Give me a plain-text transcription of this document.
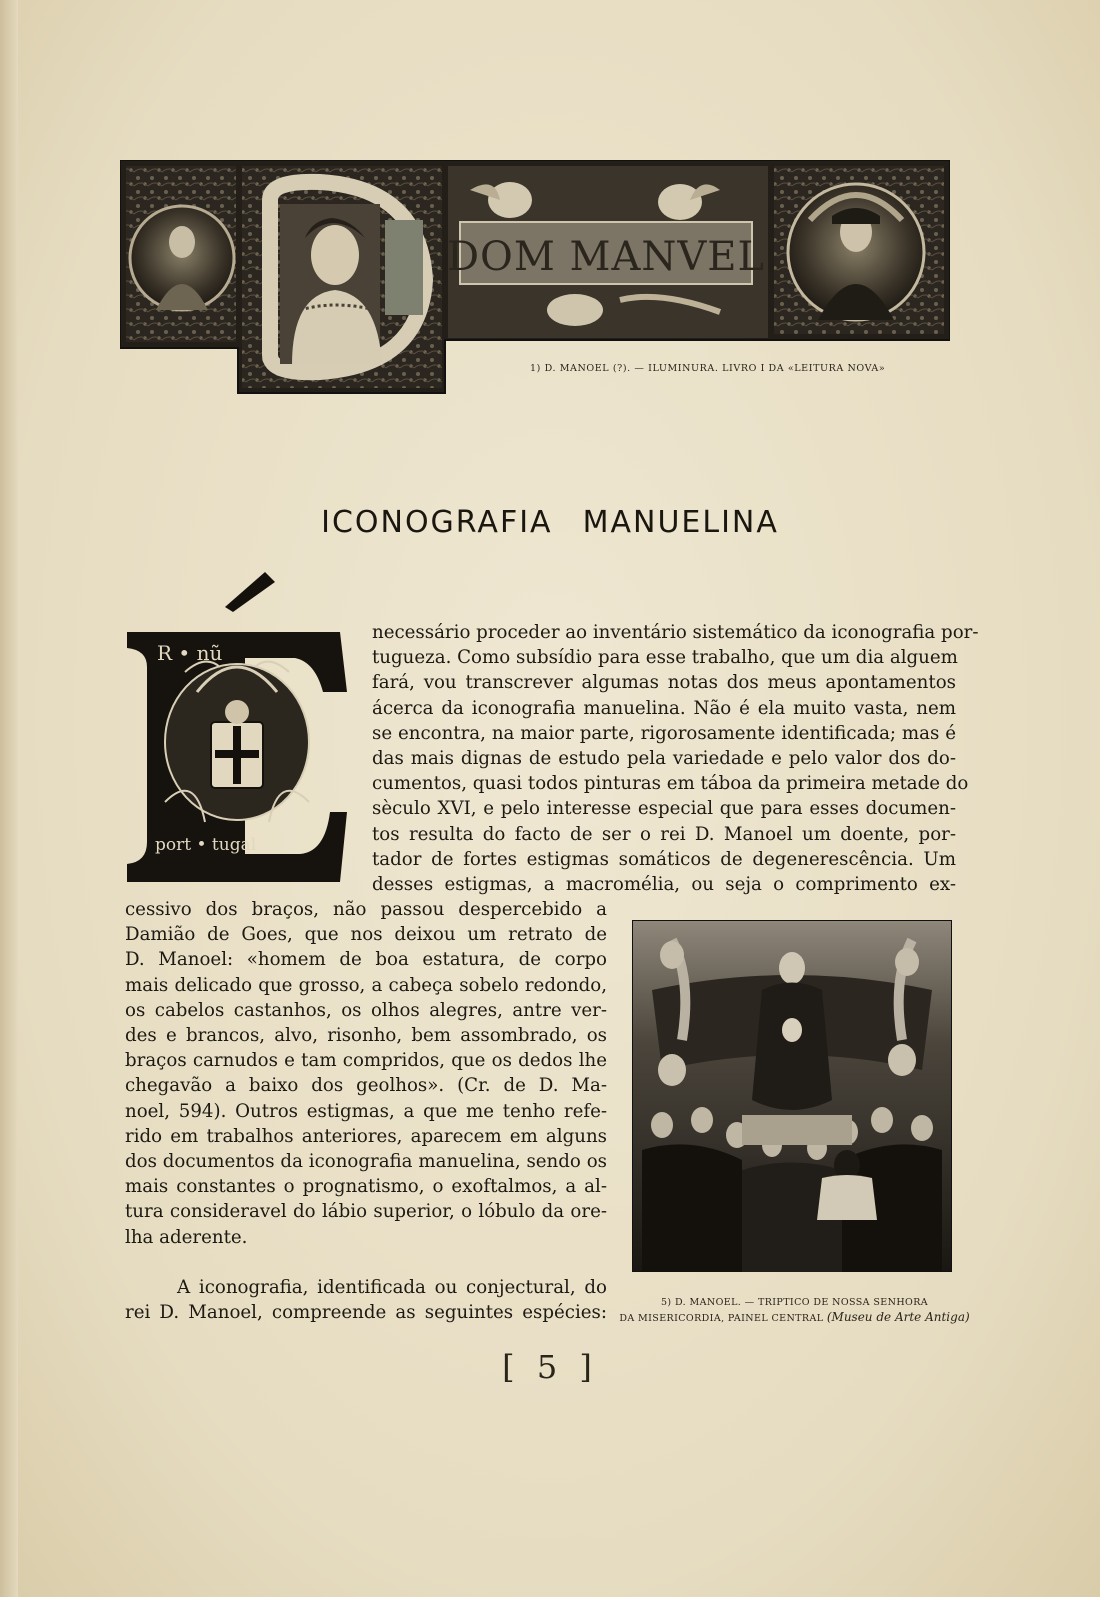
DOM MANVEL
1) D. MANOEL (?). — ILUMINURA. LIVRO I DA «LEITURA NOVA»
ICONOGRAFIA MANUELINA
R • nũ
port • tugal
necessário proceder ao inventário sistemático da iconografia por-
tugueza. Como subsídio para esse trabalho, que um dia alguem
fará, vou transcrever algumas notas dos meus apontamentos
ácerca da iconografia manuelina. Não é ela muito vasta, nem
se encontra, na maior parte, rigorosamente identificada; mas é
das mais dignas de estudo pela variedade e pelo valor dos do-
cumentos, quasi todos pinturas em táboa da primeira metade do
sèculo XVI, e pelo interesse especial que para esses documen-
tos resulta do facto de ser o rei D. Manoel um doente, por-
tador de fortes estigmas somáticos de degenerescência. Um
desses estigmas, a macromélia, ou seja o comprimento ex-
cessivo dos braços, não passou despercebido a
Damião de Goes, que nos deixou um retrato de
D. Manoel: «homem de boa estatura, de corpo
mais delicado que grosso, a cabeça sobelo redondo,
os cabelos castanhos, os olhos alegres, antre ver-
des e brancos, alvo, risonho, bem assombrado, os
braços carnudos e tam compridos, que os dedos lhe
chegavão a baixo dos geolhos». (Cr. de D. Ma-
noel, 594). Outros estigmas, a que me tenho refe-
rido em trabalhos anteriores, aparecem em alguns
dos documentos da iconografia manuelina, sendo os
mais constantes o prognatismo, o exoftalmos, a al-
tura consideravel do lábio superior, o lóbulo da ore-
lha aderente.
A iconografia, identificada ou conjectural, do
rei D. Manoel, compreende as seguintes espécies:	5) D. MANOEL. — TRIPTICO DE NOSSA SENHORA
DA MISERICORDIA, PAINEL CENTRAL (Museu de Arte Antiga)
[ 5 ]
